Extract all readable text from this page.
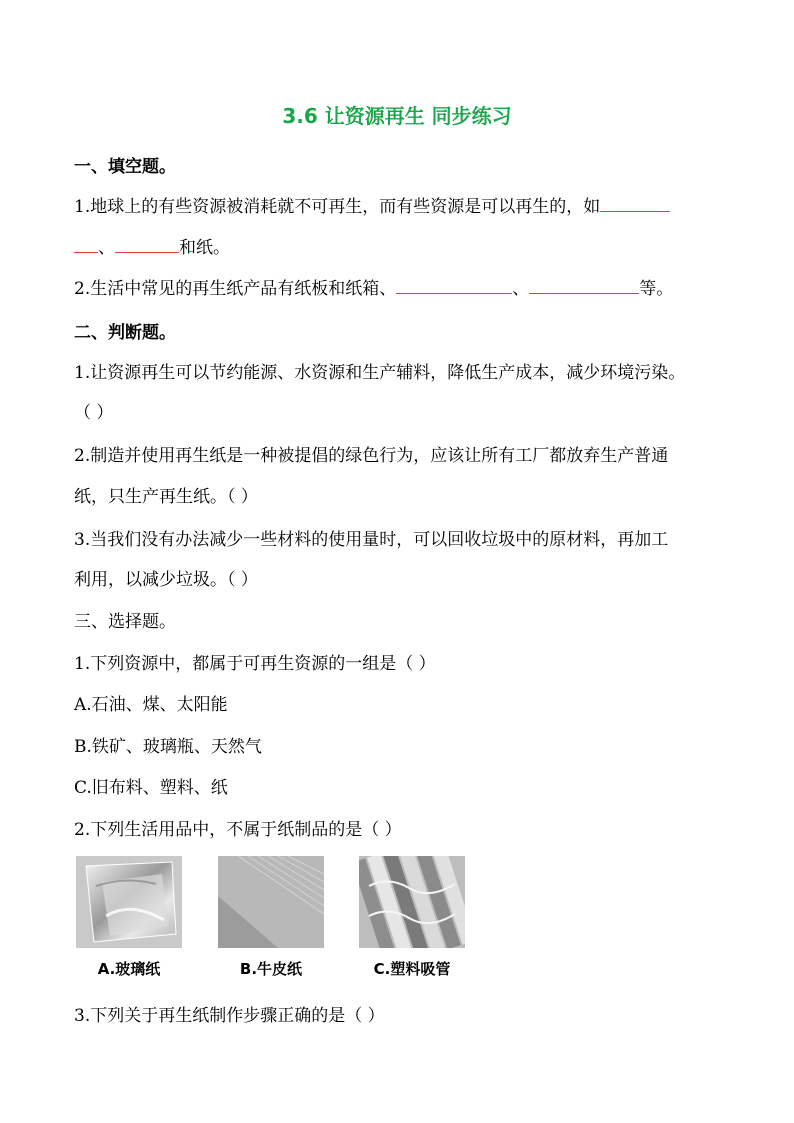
3.6 让资源再生 同步练习
一、填空题。
1.地球上的有些资源被消耗就不可再生，而有些资源是可以再生的，如
、	和纸。
2.生活中常见的再生纸产品有纸板和纸箱、	、	等。
二、判断题。
1.让资源再生可以节约能源、水资源和生产辅料，降低生产成本，减少环境污染。
（ ）
2.制造并使用再生纸是一种被提倡的绿色行为，应该让所有工厂都放弃生产普通
纸，只生产再生纸。（ ）
3.当我们没有办法减少一些材料的使用量时，可以回收垃圾中的原材料，再加工
利用，以减少垃圾。（ ）
三、选择题。
1.下列资源中，都属于可再生资源的一组是（ ）
A.石油、煤、太阳能
B.铁矿、玻璃瓶、天然气
C.旧布料、塑料、纸
2.下列生活用品中，不属于纸制品的是（ ）
A.玻璃纸	B.牛皮纸	C.塑料吸管
3.下列关于再生纸制作步骤正确的是（ ）
